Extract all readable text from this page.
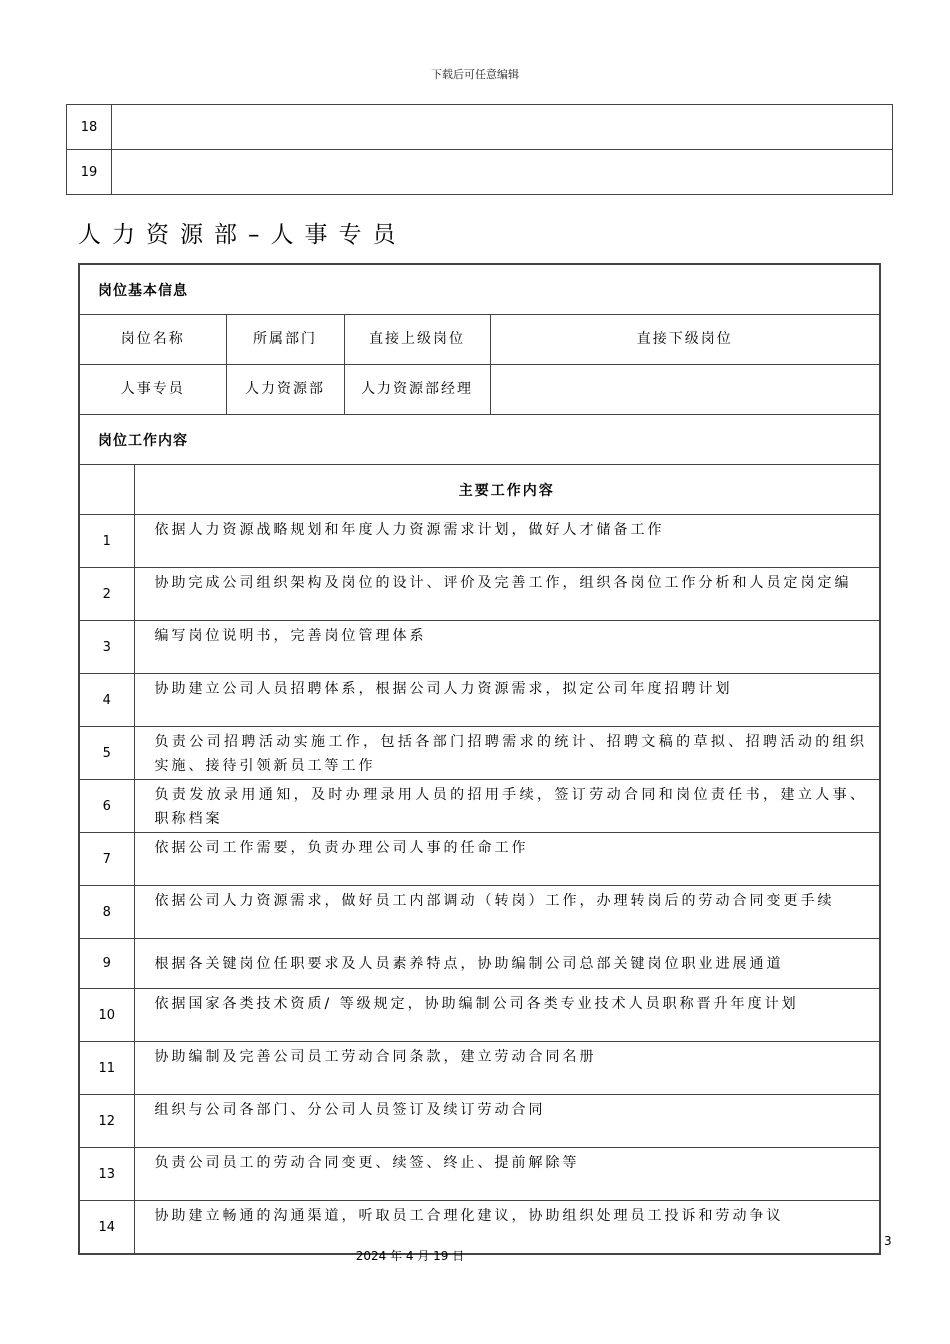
下载后可任意编辑
18	
19	
人力资源部–人事专员
岗位基本信息				
岗位名称		所属部门	直接上级岗位	直接下级岗位
人事专员		人力资源部	人力资源部经理	
岗位工作内容				
	主要工作内容			
1	依据人力资源战略规划和年度人力资源需求计划，做好人才储备工作			
2	协助完成公司组织架构及岗位的设计、评价及完善工作，组织各岗位工作分析和人员定岗定编			
3	编写岗位说明书，完善岗位管理体系			
4	协助建立公司人员招聘体系，根据公司人力资源需求，拟定公司年度招聘计划			
5	负责公司招聘活动实施工作，包括各部门招聘需求的统计、招聘文稿的草拟、招聘活动的组织实施、接待引领新员工等工作			
6	负责发放录用通知，及时办理录用人员的招用手续，签订劳动合同和岗位责任书，建立人事、职称档案			
7	依据公司工作需要，负责办理公司人事的任命工作			
8	依据公司人力资源需求，做好员工内部调动（转岗）工作，办理转岗后的劳动合同变更手续			
9	根据各关键岗位任职要求及人员素养特点，协助编制公司总部关键岗位职业进展通道			
10	依据国家各类技术资质/ 等级规定，协助编制公司各类专业技术人员职称晋升年度计划			
11	协助编制及完善公司员工劳动合同条款，建立劳动合同名册			
12	组织与公司各部门、分公司人员签订及续订劳动合同			
13	负责公司员工的劳动合同变更、续签、终止、提前解除等			
14	协助建立畅通的沟通渠道，听取员工合理化建议，协助组织处理员工投诉和劳动争议			
3
2024 年 4 月 19 日
